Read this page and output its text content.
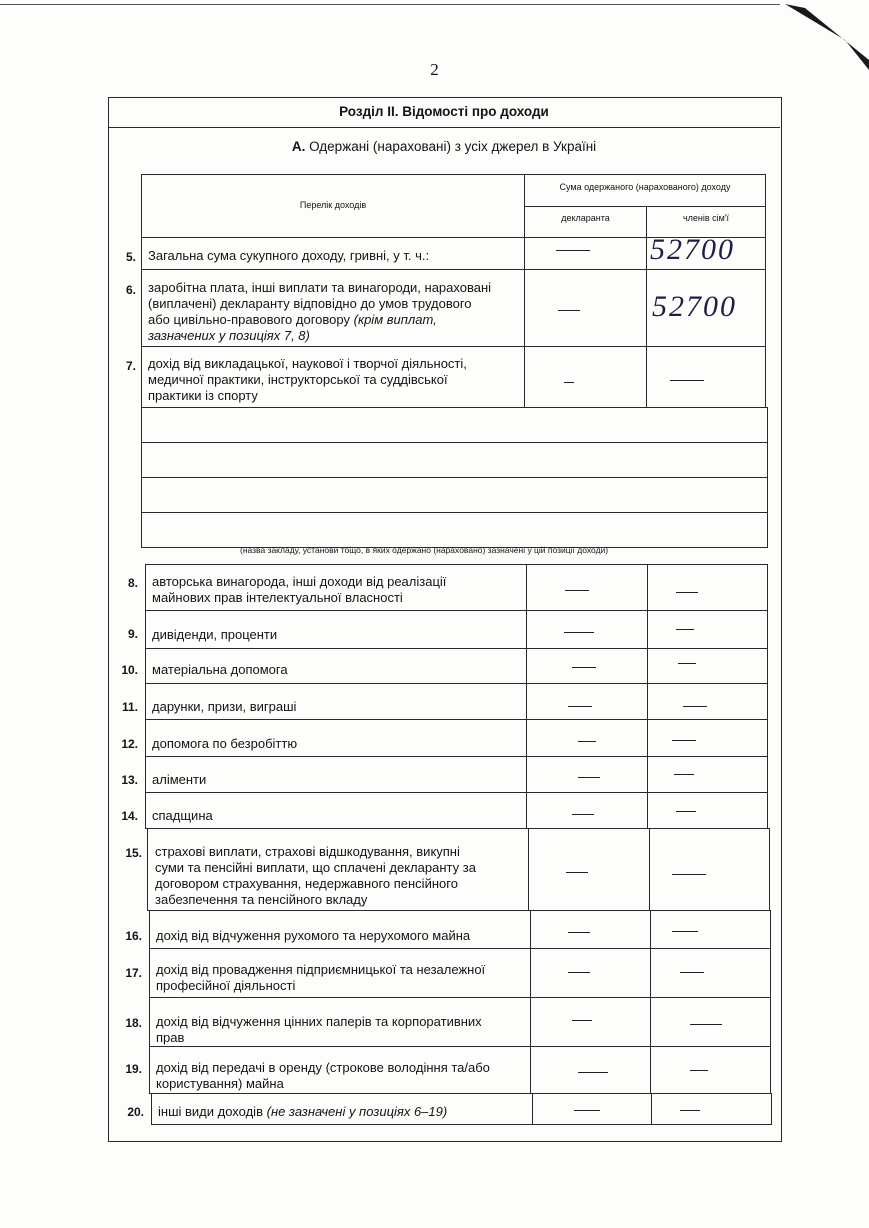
2
Розділ II. Відомості про доходи
А. Одержані (нараховані) з усіх джерел в Україні
Перелік доходів
Сума одержаного (нарахованого) доходу
декларанта	членів сім'ї
5. Загальна сума сукупного доходу, гривні, у т. ч.:	52700
6. заробітна плата, інші виплати та винагороди, нараховані
(виплачені) декларанту відповідно до умов трудового
або цивільно-правового договору (крім виплат,
зазначених у позиціях 7, 8)
52700
7. дохід від викладацької, наукової і творчої діяльності,
медичної практики, інструкторської та суддівської
практики із спорту
(назва закладу, установи тощо, в яких одержано (нараховано) зазначені у цій позиції доходи)
8. авторська винагорода, інші доходи від реалізації
майнових прав інтелектуальної власності
9. дивіденди, проценти
10. матеріальна допомога
11. дарунки, призи, виграші
12. допомога по безробіттю
13. аліменти
14. спадщина
15. страхові виплати, страхові відшкодування, викупні
суми та пенсійні виплати, що сплачені декларанту за
договором страхування, недержавного пенсійного
забезпечення та пенсійного вкладу
16. дохід від відчуження рухомого та нерухомого майна
17. дохід від провадження підприємницької та незалежної
професійної діяльності
18. дохід від відчуження цінних паперів та корпоративних
прав
19. дохід від передачі в оренду (строкове володіння та/або
користування) майна
20. інші види доходів (не зазначені у позиціях 6–19)
